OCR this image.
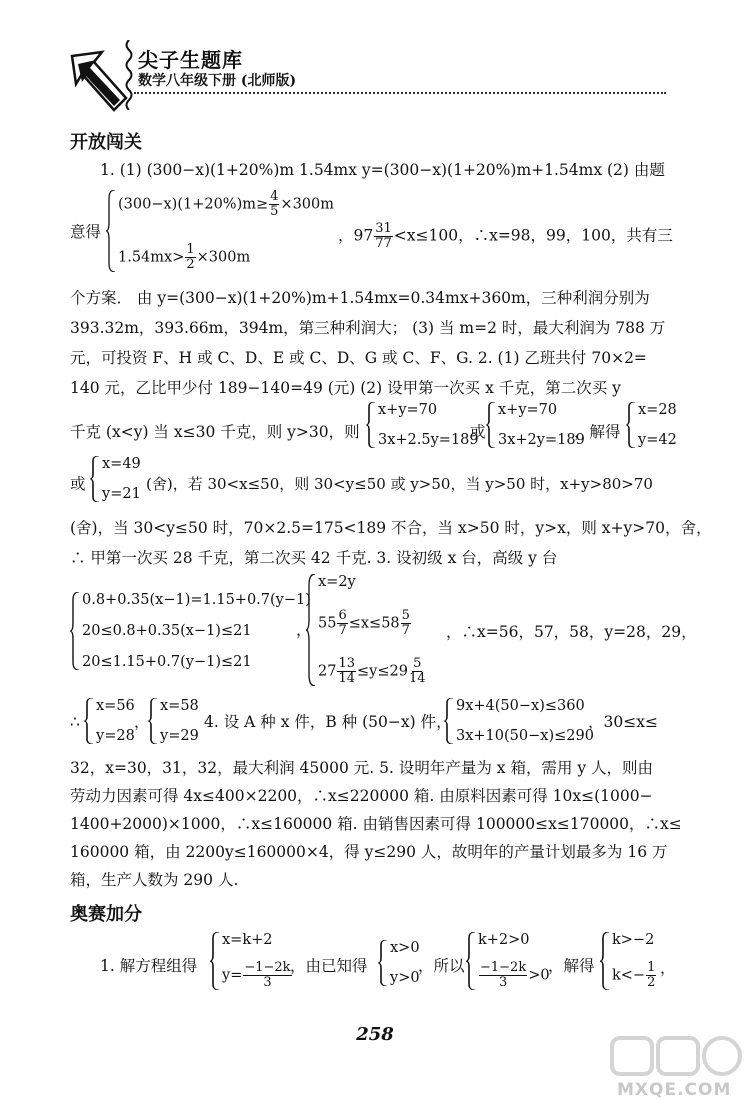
尖子生题库
数学八年级下册 (北师版)
开放闯关
1. (1) (300−x)(1+20%)m 1.54mx y=(300−x)(1+20%)m+1.54mx (2) 由题
意得
$(300-x)(1+20\%)m\ge \frac{4}{5} \times 300m$
$1.54mx> \frac{1}{2} \times 300m$
，$97 \frac{31}{77} <x\le 100$，∴x=98，99，100，共有三
个方案． 由 y=(300−x)(1+20%)m+1.54mx=0.34mx+360m，三种利润分别为
393.32m，393.66m，394m，第三种利润大； (3) 当 m=2 时，最大利润为 788 万
元，可投资 F、H 或 C、D、E 或 C、D、G 或 C、F、G. 2. (1) 乙班共付 70×2=
140 元，乙比甲少付 189−140=49 (元) (2) 设甲第一次买 x 千克，第二次买 y
千克 (x<y) 当 x≤30 千克，则 y>30，则
x+y=70
3x+2.5y=189
或
x+y=70
3x+2y=189
，解得
x=28
y=42
或
x=49
y=21
(舍)，若 30<x≤50，则 30<y≤50 或 y>50，当 y>50 时，x+y>80>70
(舍)，当 30<y≤50 时，70×2.5=175<189 不合，当 x>50 时，y>x，则 x+y>70，舍，
∴ 甲第一次买 28 千克，第二次买 42 千克. 3. 设初级 x 台，高级 y 台
0.8+0.35(x−1)=1.15+0.7(y−1)
20≤0.8+0.35(x−1)≤21
20≤1.15+0.7(y−1)≤21
，
x=2y
$55 \frac{6}{7} \le x\le 58 \frac{5}{7}$
$27 \frac{13}{14} \le y\le 29 \frac{5}{14}$
，∴x=56，57，58，y=28，29，
∴
x=56
y=28
，
x=58
y=29
4. 设 A 种 x 件，B 种 (50−x) 件，
9x+4(50−x)≤360
3x+10(50−x)≤290
，30≤x≤
32，x=30，31，32，最大利润 45000 元. 5. 设明年产量为 x 箱，需用 y 人，则由
劳动力因素可得 4x≤400×2200，∴x≤220000 箱. 由原料因素可得 10x≤(1000−
1400+2000)×1000，∴x≤160000 箱. 由销售因素可得 100000≤x≤170000，∴x≤
160000 箱，由 2200y≤160000×4，得 y≤290 人，故明年的产量计划最多为 16 万
箱，生产人数为 290 人.
奥赛加分
1. 解方程组得
x=k+2
$y= \frac{-1-2k}{3}$
，由已知得
x>0
y>0
，所以
k+2>0
$\frac{-1-2k}{3} >0$
，解得
k>−2
$k<- \frac{1}{2}$ ，
258
MXQE.COM
